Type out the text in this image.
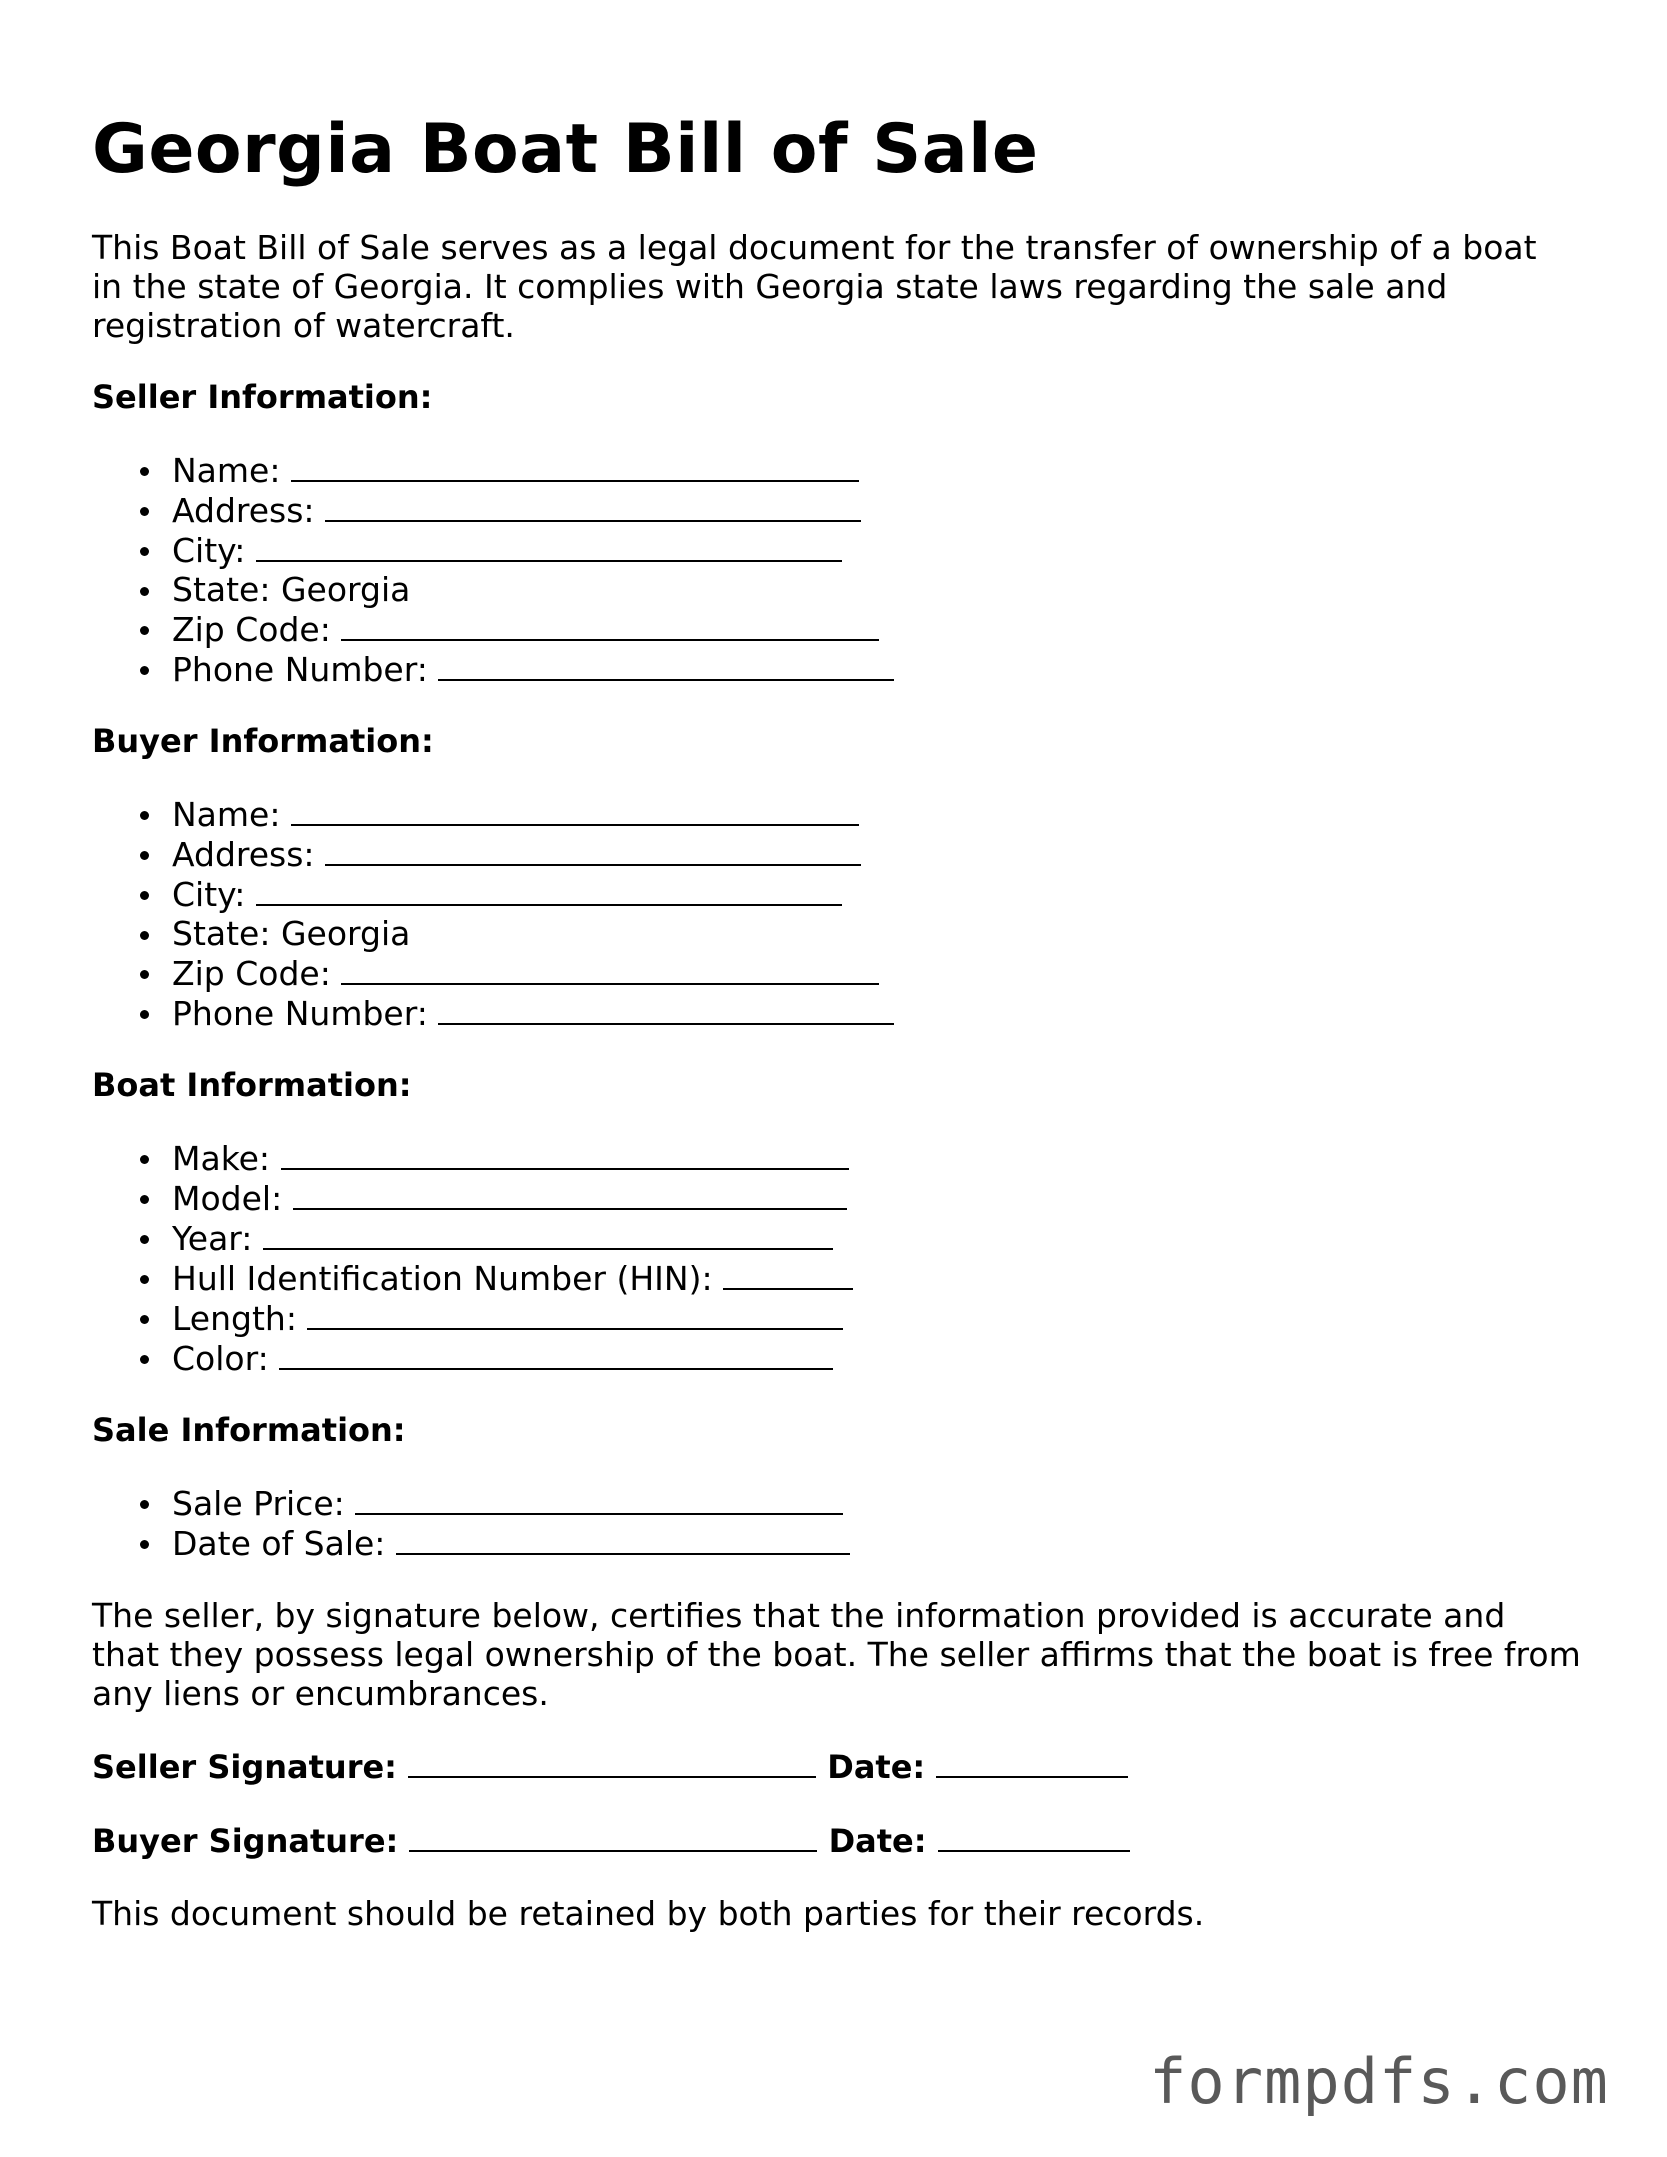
Georgia Boat Bill of Sale

This Boat Bill of Sale serves as a legal document for the transfer of ownership of a boat in the state of Georgia. It complies with Georgia state laws regarding the sale and registration of watercraft.

Seller Information:
Name:
Address:
City:
State: Georgia
Zip Code:
Phone Number:
Buyer Information:
Name:
Address:
City:
State: Georgia
Zip Code:
Phone Number:
Boat Information:
Make:
Model:
Year:
Hull Identification Number (HIN):
Length:
Color:
Sale Information:
Sale Price:
Date of Sale:

The seller, by signature below, certifies that the information provided is accurate and that they possess legal ownership of the boat. The seller affirms that the boat is free from any liens or encumbrances.

Seller Signature:	Date:
Buyer Signature:	Date:

This document should be retained by both parties for their records.

formpdfs.com
